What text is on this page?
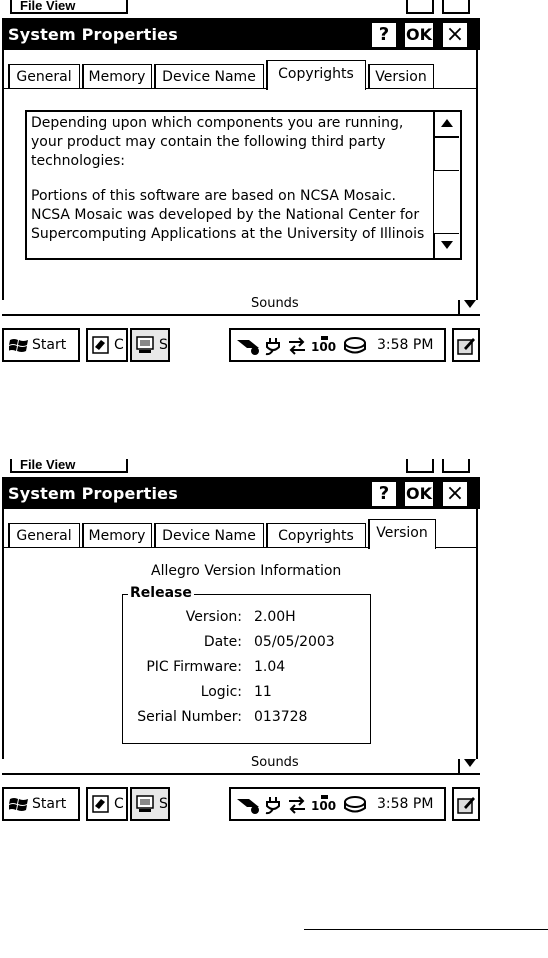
File View
System Properties	?	OK ×
General	Memory	Device Name	Copyrights	Version

Depending upon which components you are running, your product may contain the following third party technologies:

Portions of this software are based on NCSA Mosaic. NCSA Mosaic was developed by the National Center for Supercomputing Applications at the University of Illinois

Sounds
Start	C	S	100	3:58 PM
File View
System Properties	?	OK ×
General	Memory	Device Name	Copyrights	Version
Allegro Version Information
Release
Version: 2.00H
Date: 05/05/2003
PIC Firmware: 1.04
Logic: 11
Serial Number: 013728
Sounds
Start	C	S	100	3:58 PM
